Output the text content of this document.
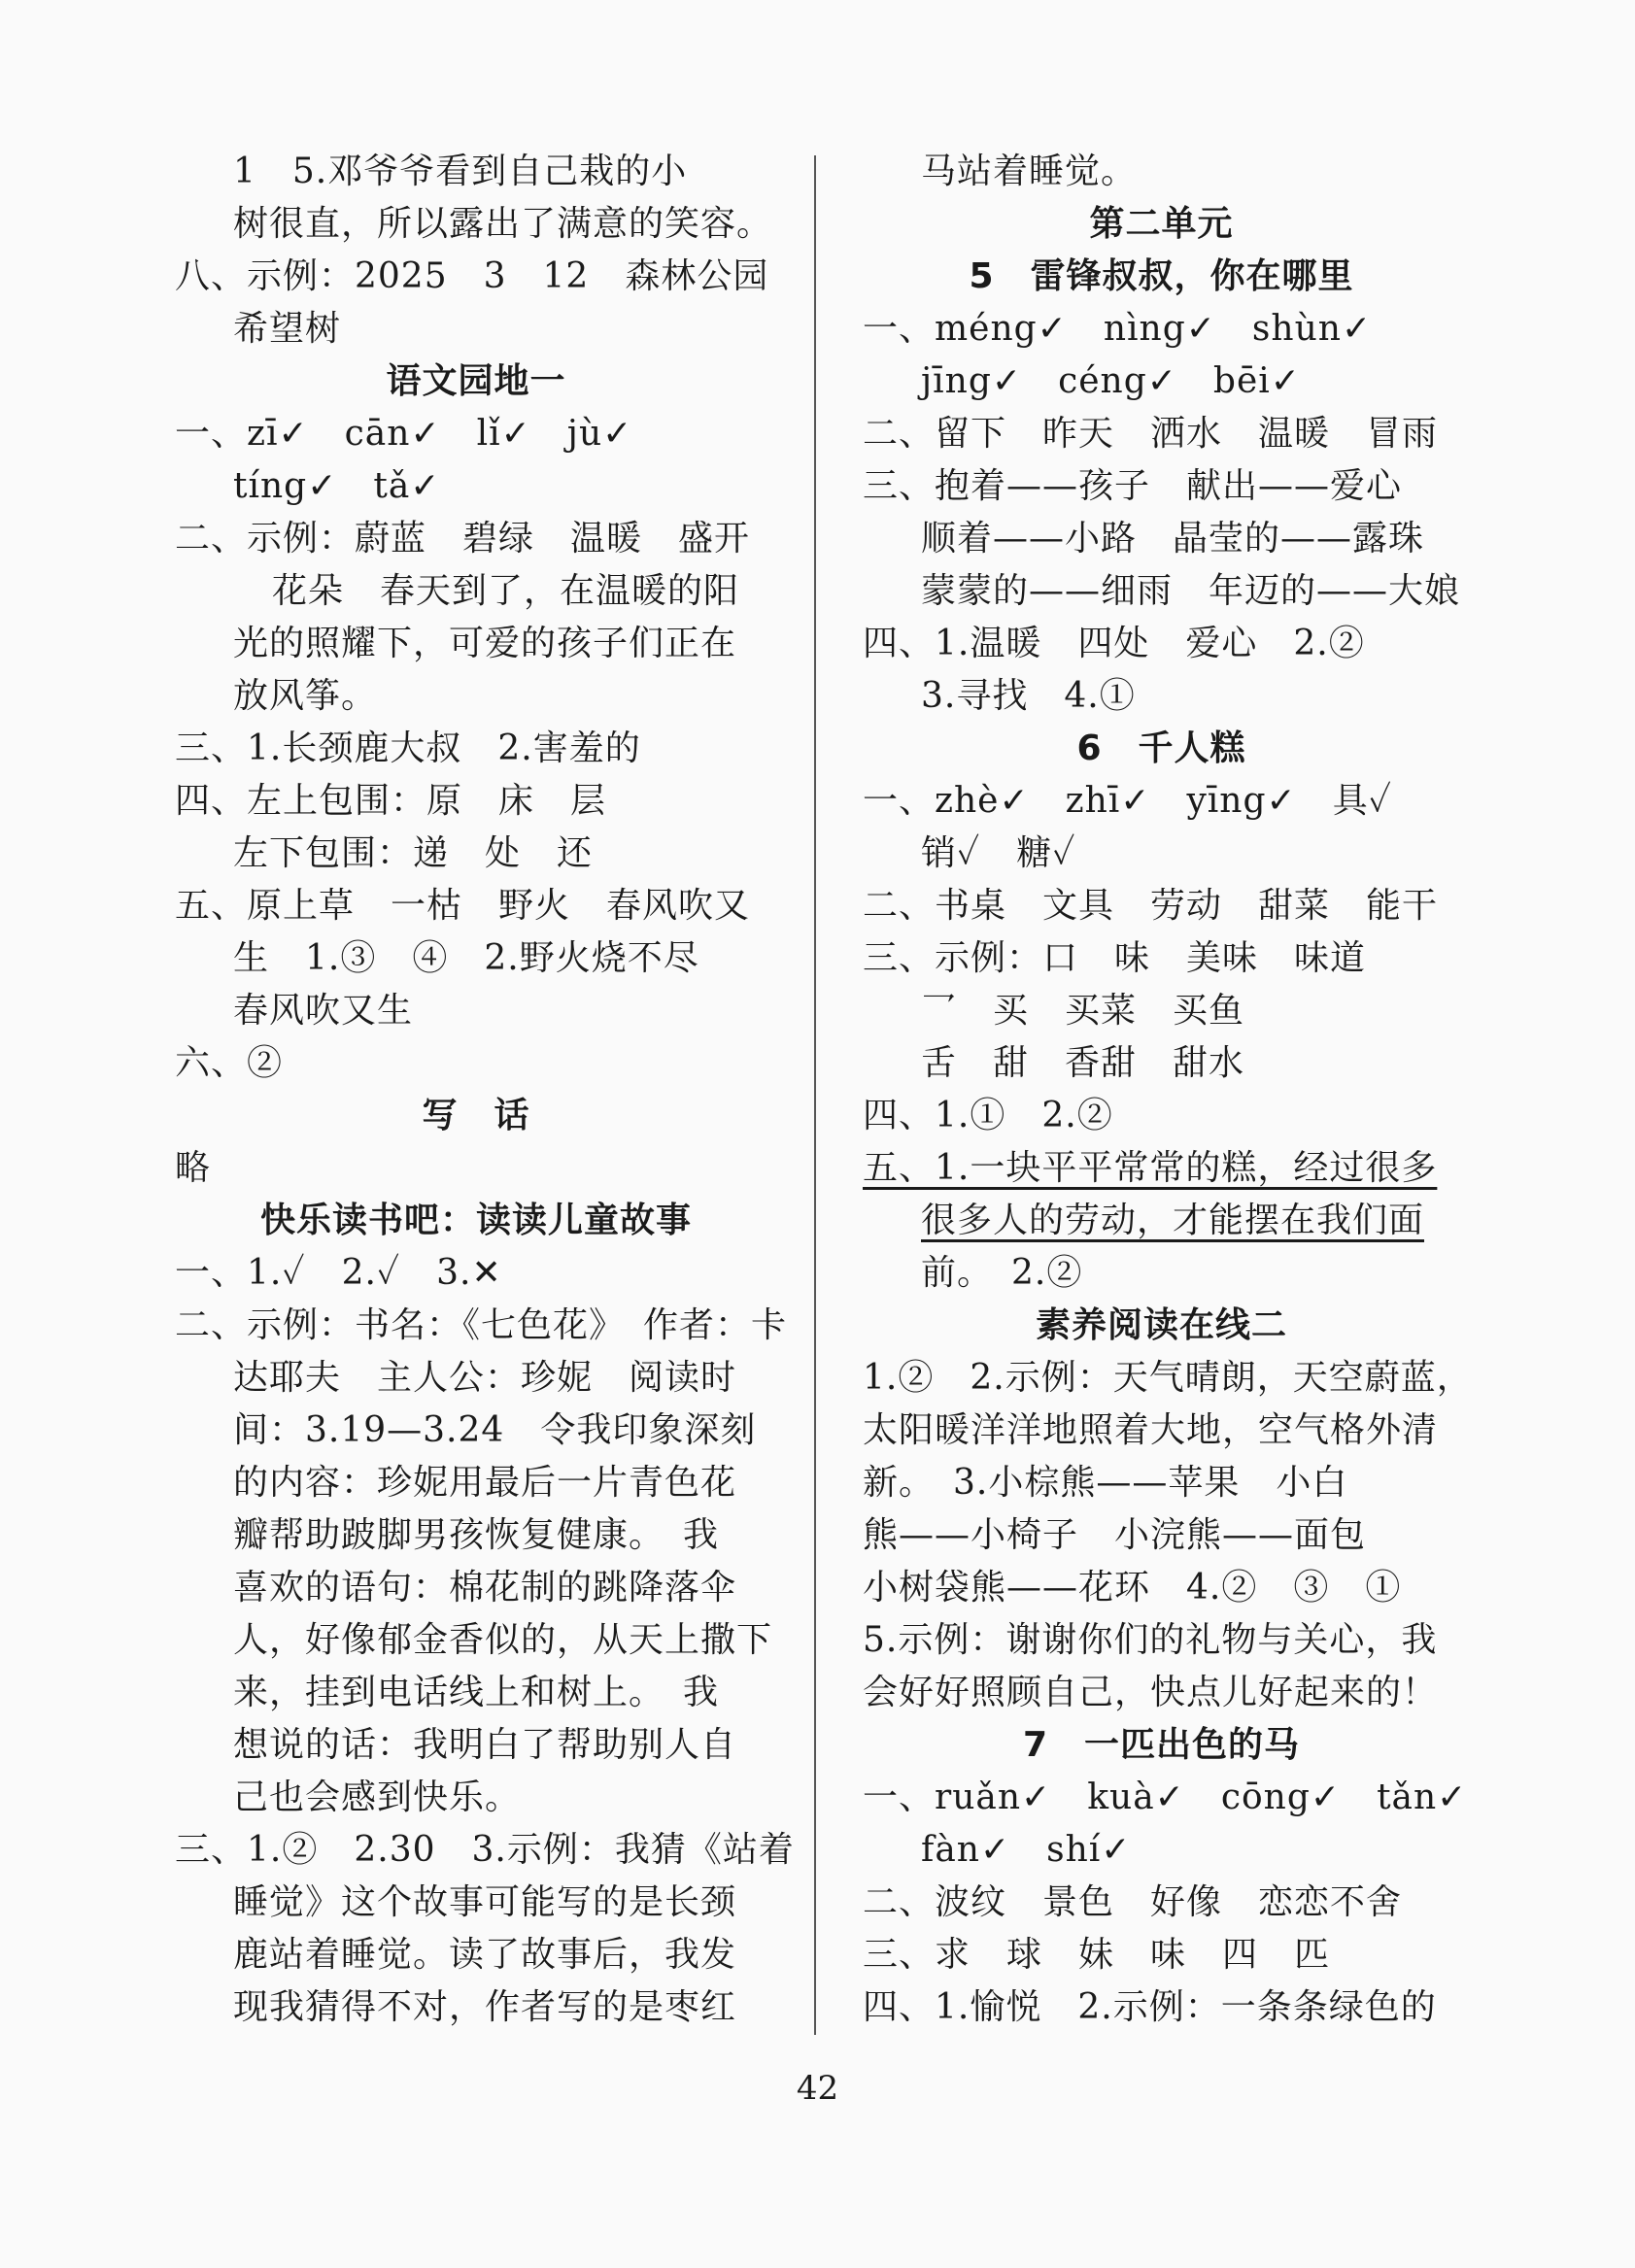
1　5.邓爷爷看到自己栽的小
树很直，所以露出了满意的笑容。
八、示例：2025　3　12　森林公园
希望树
语文园地一
一、zī✓　cān✓　lǐ✓　jù✓
tíng✓　tǎ✓
二、示例：蔚蓝　碧绿　温暖　盛开
花朵　春天到了，在温暖的阳
光的照耀下，可爱的孩子们正在
放风筝。
三、1.长颈鹿大叔　2.害羞的
四、左上包围：原　床　层
左下包围：递　处　还
五、原上草　一枯　野火　春风吹又
生　1.③　④　2.野火烧不尽
春风吹又生
六、②
写　话
略
快乐读书吧：读读儿童故事
一、1.✓　2.✓　3.✕
二、示例：书名：《七色花》　作者：卡
达耶夫　主人公：珍妮　阅读时
间：3.19—3.24　令我印象深刻
的内容：珍妮用最后一片青色花
瓣帮助跛脚男孩恢复健康。　我
喜欢的语句：棉花制的跳降落伞
人，好像郁金香似的，从天上撒下
来，挂到电话线上和树上。　我
想说的话：我明白了帮助别人自
己也会感到快乐。
三、1.②　2.30　3.示例：我猜《站着
睡觉》这个故事可能写的是长颈
鹿站着睡觉。读了故事后，我发
现我猜得不对，作者写的是枣红
马站着睡觉。
第二单元
5　雷锋叔叔，你在哪里
一、méng✓　nìng✓　shùn✓
jīng✓　céng✓　bēi✓
二、留下　昨天　洒水　温暖　冒雨
三、抱着——孩子　献出——爱心
顺着——小路　晶莹的——露珠
蒙蒙的——细雨　年迈的——大娘
四、1.温暖　四处　爱心　2.②
3.寻找　4.①
6　千人糕
一、zhè✓　zhī✓　yīng✓　具✓
销✓　糖✓
二、书桌　文具　劳动　甜菜　能干
三、示例：口　味　美味　味道
乛　买　买菜　买鱼
舌　甜　香甜　甜水
四、1.①　2.②
五、1.一块平平常常的糕，经过很多
很多人的劳动，才能摆在我们面
前。　2.②
素养阅读在线二
1.②　2.示例：天气晴朗，天空蔚蓝，
太阳暖洋洋地照着大地，空气格外清
新。　3.小棕熊——苹果　小白
熊——小椅子　小浣熊——面包
小树袋熊——花环　4.②　③　①
5.示例：谢谢你们的礼物与关心，我
会好好照顾自己，快点儿好起来的！
7　一匹出色的马
一、ruǎn✓　kuà✓　cōng✓　tǎn✓
fàn✓　shí✓
二、波纹　景色　好像　恋恋不舍
三、求　球　妹　味　四　匹
四、1.愉悦　2.示例：一条条绿色的
42
